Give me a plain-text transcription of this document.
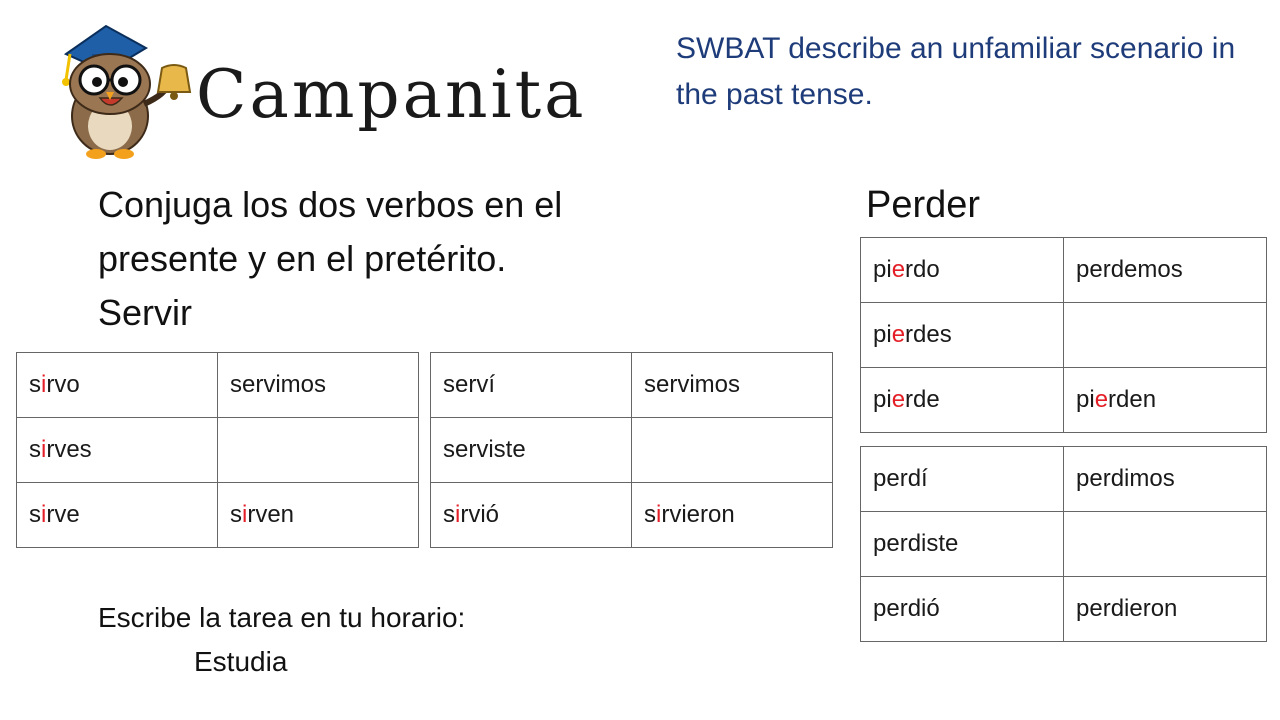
Campanita
SWBAT describe an unfamiliar scenario in the past tense.
Conjuga los dos verbos en el
presente y en el pretérito.
Servir
Perder
sirvo	servimos
sirves	
sirve	sirven
serví	servimos
serviste	
sirvió	sirvieron
pierdo	perdemos
pierdes	
pierde	pierden
perdí	perdimos
perdiste	
perdió	perdieron
Escribe la tarea en tu horario:
Estudia
